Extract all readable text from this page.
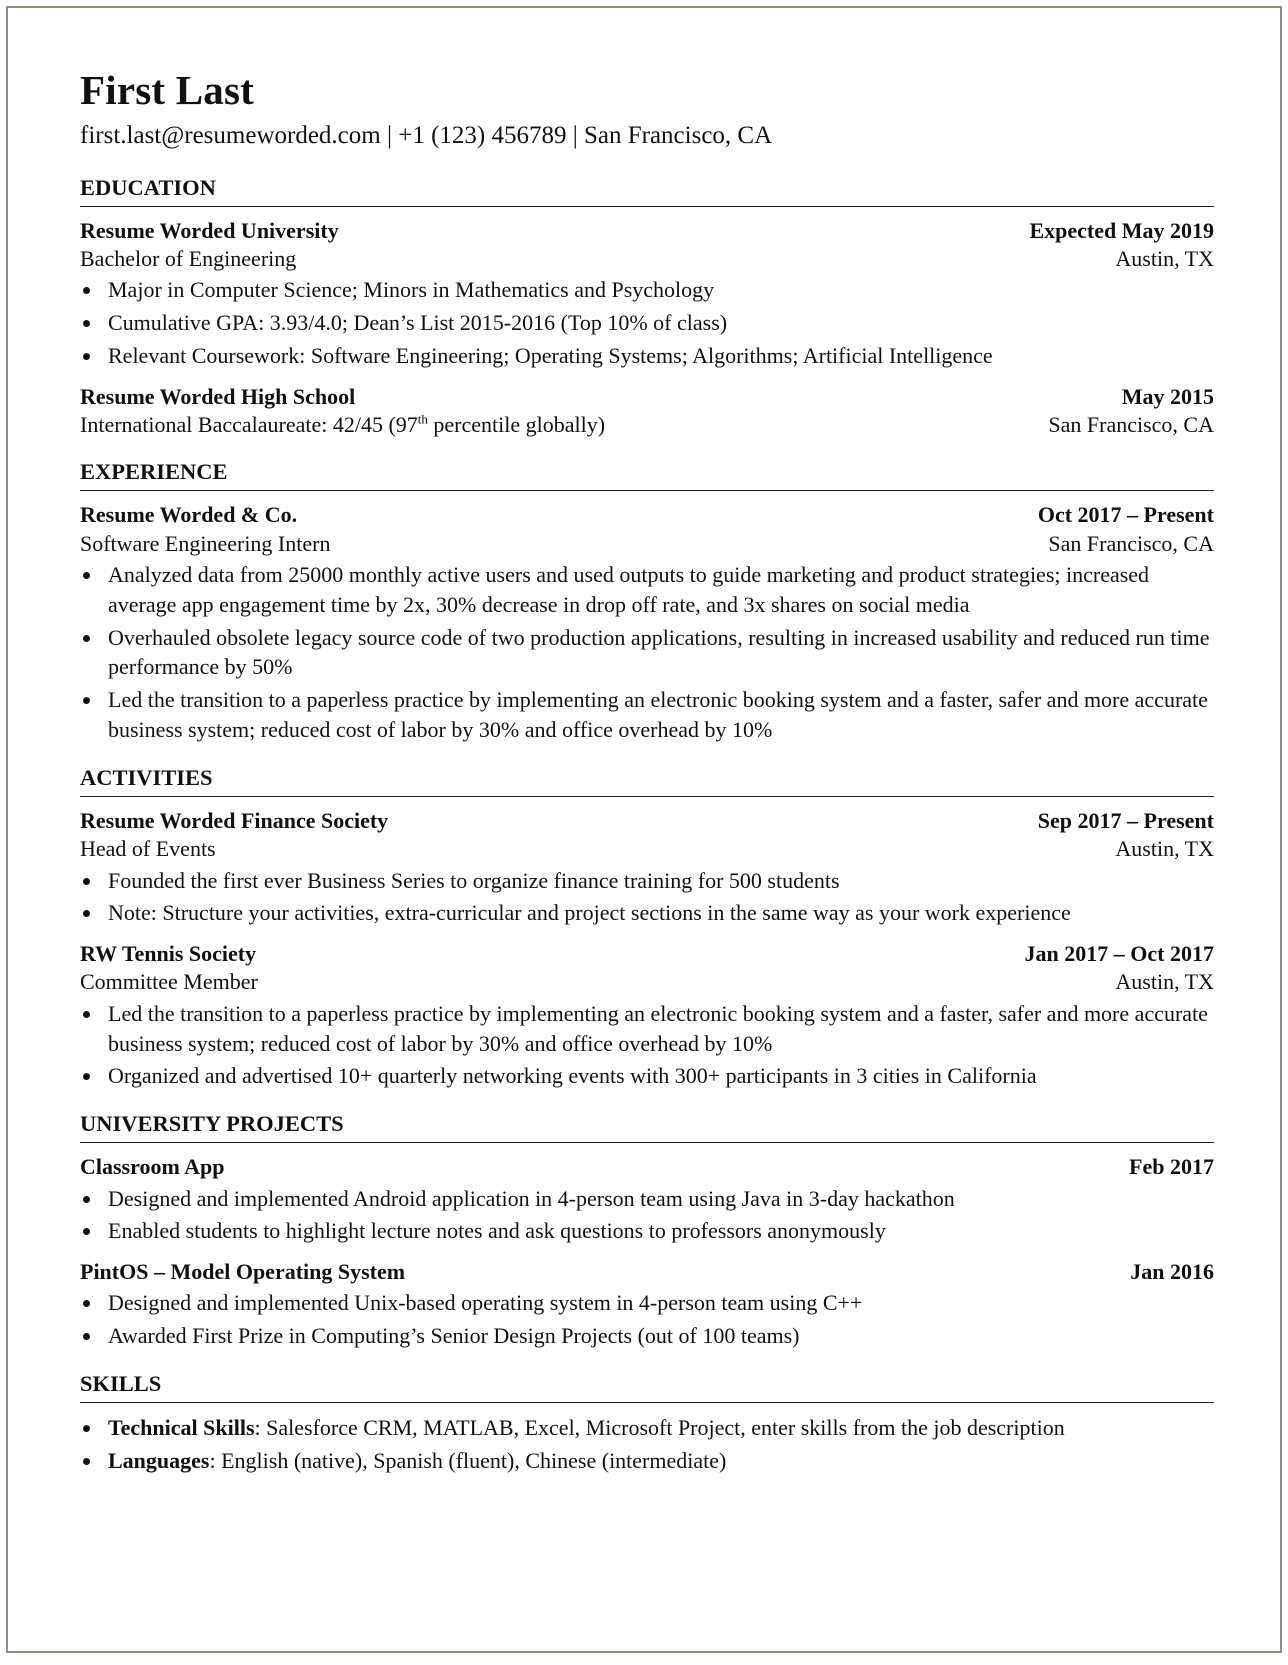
First Last
first.last@resumeworded.com | +1 (123) 456789 | San Francisco, CA
EDUCATION
Resume Worded University	Expected May 2019
Bachelor of Engineering	Austin, TX
Major in Computer Science; Minors in Mathematics and Psychology
Cumulative GPA: 3.93/4.0; Dean’s List 2015-2016 (Top 10% of class)
Relevant Coursework: Software Engineering; Operating Systems; Algorithms; Artificial Intelligence
Resume Worded High School	May 2015
International Baccalaureate: 42/45 (97th percentile globally)	San Francisco, CA
EXPERIENCE
Resume Worded & Co.	Oct 2017 – Present
Software Engineering Intern	San Francisco, CA
Analyzed data from 25000 monthly active users and used outputs to guide marketing and product strategies; increased average app engagement time by 2x, 30% decrease in drop off rate, and 3x shares on social media
Overhauled obsolete legacy source code of two production applications, resulting in increased usability and reduced run time performance by 50%
Led the transition to a paperless practice by implementing an electronic booking system and a faster, safer and more accurate business system; reduced cost of labor by 30% and office overhead by 10%
ACTIVITIES
Resume Worded Finance Society	Sep 2017 – Present
Head of Events	Austin, TX
Founded the first ever Business Series to organize finance training for 500 students
Note: Structure your activities, extra-curricular and project sections in the same way as your work experience
RW Tennis Society	Jan 2017 – Oct 2017
Committee Member	Austin, TX
Led the transition to a paperless practice by implementing an electronic booking system and a faster, safer and more accurate business system; reduced cost of labor by 30% and office overhead by 10%
Organized and advertised 10+ quarterly networking events with 300+ participants in 3 cities in California
UNIVERSITY PROJECTS
Classroom App	Feb 2017
Designed and implemented Android application in 4-person team using Java in 3-day hackathon
Enabled students to highlight lecture notes and ask questions to professors anonymously
PintOS – Model Operating System	Jan 2016
Designed and implemented Unix-based operating system in 4-person team using C++
Awarded First Prize in Computing’s Senior Design Projects (out of 100 teams)
SKILLS
Technical Skills: Salesforce CRM, MATLAB, Excel, Microsoft Project, enter skills from the job description
Languages: English (native), Spanish (fluent), Chinese (intermediate)
